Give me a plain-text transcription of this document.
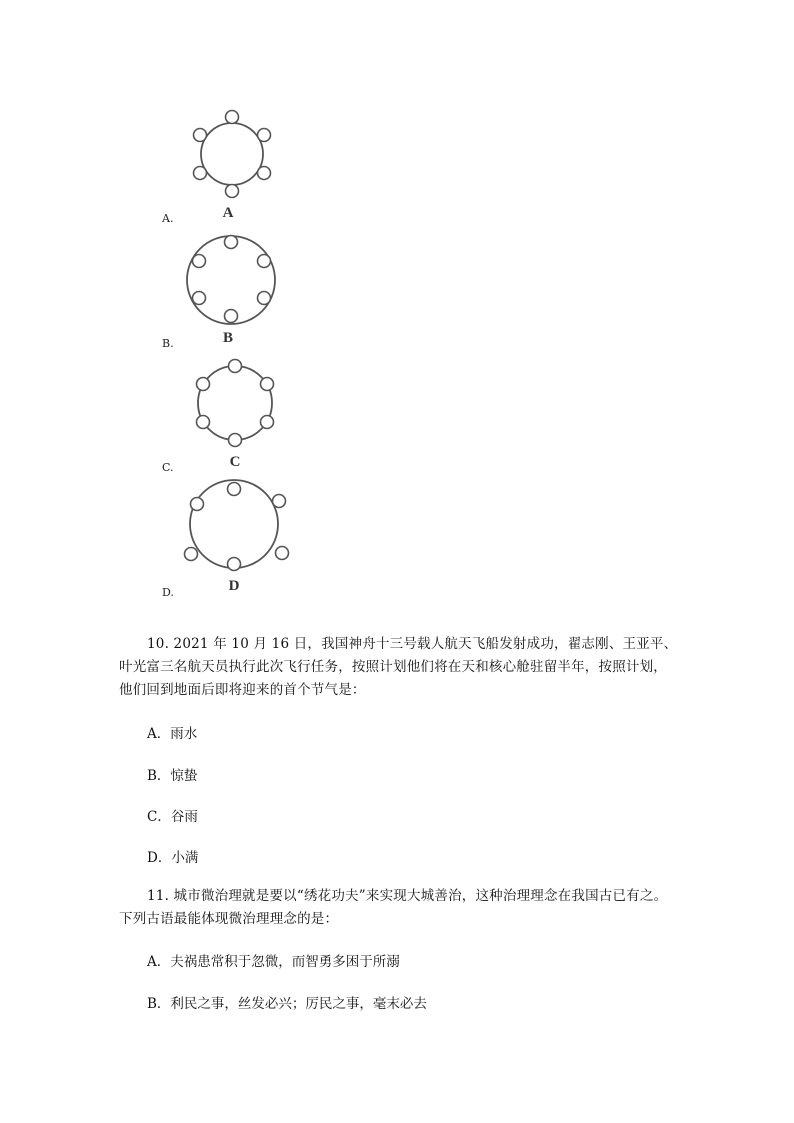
A
A.
B
B.
C
C.
D
D.
10. 2021 年 10 月 16 日，我国神舟十三号载人航天飞船发射成功，翟志刚、王亚平、
叶光富三名航天员执行此次飞行任务，按照计划他们将在天和核心舱驻留半年，按照计划，
他们回到地面后即将迎来的首个节气是：
A．雨水
B．惊蛰
C．谷雨
D．小满
11. 城市微治理就是要以“绣花功夫”来实现大城善治，这种治理理念在我国古已有之。
下列古语最能体现微治理理念的是：
A．夫祸患常积于忽微，而智勇多困于所溺
B．利民之事，丝发必兴；厉民之事，毫末必去
